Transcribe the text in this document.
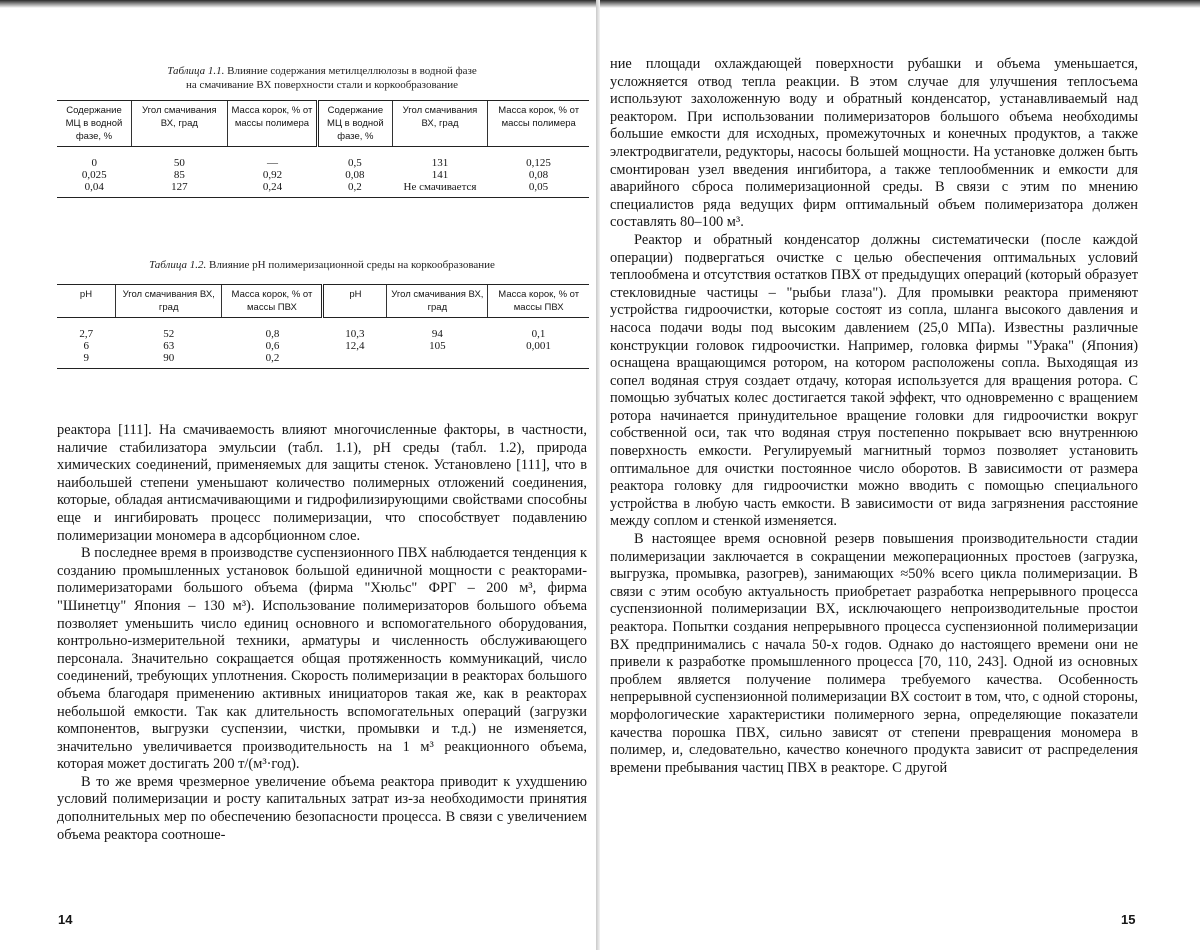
Таблица 1.1. Влияние содержания метилцеллюлозы в водной фазе
на смачивание ВХ поверхности стали и коркообразование
Содержание МЦ в водной фазе, %	Угол смачивания ВХ, град	Масса корок, % от массы полимера	Содержание МЦ в водной фазе, %	Угол смачивания ВХ, град	Масса корок, % от массы полимера
0	50	—	0,5	131	0,125
0,025	85	0,92	0,08	141	0,08
0,04	127	0,24	0,2	Не смачивается	0,05
Таблица 1.2. Влияние pH полимеризационной среды на коркообразование
pH	Угол смачивания ВХ, град	Масса корок, % от массы ПВХ	pH	Угол смачивания ВХ, град	Масса корок, % от массы ПВХ
2,7	52	0,8	10,3	94	0,1
6	63	0,6	12,4	105	0,001
9	90	0,2			

реактора [111]. На смачиваемость влияют многочисленные факторы, в частности, наличие стабилизатора эмульсии (табл. 1.1), pH среды (табл. 1.2), природа химических соединений, применяемых для защиты стенок. Установлено [111], что в наибольшей степени уменьшают количество полимерных отложений соединения, которые, обладая антисмачивающими и гидрофилизирующими свойствами способны еще и ингибировать процесс полимеризации, что способствует подавлению полимеризации мономера в адсорбционном слое.

В последнее время в производстве суспензионного ПВХ наблюдается тенденция к созданию промышленных установок большой единичной мощности с реакторами-полимеризаторами большого объема (фирма "Хюльс" ФРГ – 200 м³, фирма "Шинетцу" Япония – 130 м³). Использование полимеризаторов большого объема позволяет уменьшить число единиц основного и вспомогательного оборудования, контрольно-измерительной техники, арматуры и численность обслуживающего персонала. Значительно сокращается общая протяженность коммуникаций, число соединений, требующих уплотнения. Скорость полимеризации в реакторах большого объема благодаря применению активных инициаторов такая же, как в реакторах небольшой емкости. Так как длительность вспомогательных операций (загрузки компонентов, выгрузки суспензии, чистки, промывки и т.д.) не изменяется, значительно увеличивается производительность на 1 м³ реакционного объема, которая может достигать 200 т/(м³·год).

В то же время чрезмерное увеличение объема реактора приводит к ухудшению условий полимеризации и росту капитальных затрат из-за необходимости принятия дополнительных мер по обеспечению безопасности процесса. В связи с увеличением объема реактора соотноше-

14

ние площади охлаждающей поверхности рубашки и объема уменьшается, усложняется отвод тепла реакции. В этом случае для улучшения теплосъема используют захоложенную воду и обратный конденсатор, устанавливаемый над реактором. При использовании полимеризаторов большого объема необходимы большие емкости для исходных, промежуточных и конечных продуктов, а также электродвигатели, редукторы, насосы большей мощности. На установке должен быть смонтирован узел введения ингибитора, а также теплообменник и емкости для аварийного сброса полимеризационной среды. В связи с этим по мнению специалистов ряда ведущих фирм оптимальный объем полимеризатора должен составлять 80–100 м³.

Реактор и обратный конденсатор должны систематически (после каждой операции) подвергаться очистке с целью обеспечения оптимальных условий теплообмена и отсутствия остатков ПВХ от предыдущих операций (который образует стекловидные частицы – "рыбьи глаза"). Для промывки реактора применяют устройства гидроочистки, которые состоят из сопла, шланга высокого давления и насоса подачи воды под высоким давлением (25,0 МПа). Известны различные конструкции головок гидроочистки. Например, головка фирмы "Урака" (Япония) оснащена вращающимся ротором, на котором расположены сопла. Выходящая из сопел водяная струя создает отдачу, которая используется для вращения ротора. С помощью зубчатых колес достигается такой эффект, что одновременно с вращением ротора начинается принудительное вращение головки для гидроочистки вокруг собственной оси, так что водяная струя постепенно покрывает всю внутреннюю поверхность емкости. Регулируемый магнитный тормоз позволяет установить оптимальное для очистки постоянное число оборотов. В зависимости от размера реактора головку для гидроочистки можно вводить с помощью специального устройства в любую часть емкости. В зависимости от вида загрязнения расстояние между соплом и стенкой изменяется.

В настоящее время основной резерв повышения производительности стадии полимеризации заключается в сокращении межоперационных простоев (загрузка, выгрузка, промывка, разогрев), занимающих ≈50% всего цикла полимеризации. В связи с этим особую актуальность приобретает разработка непрерывного процесса суспензионной полимеризации ВХ, исключающего непроизводительные простои реактора. Попытки создания непрерывного процесса суспензионной полимеризации ВХ предпринимались с начала 50-х годов. Однако до настоящего времени они не привели к разработке промышленного процесса [70, 110, 243]. Одной из основных проблем является получение полимера требуемого качества. Особенность непрерывной суспензионной полимеризации ВХ состоит в том, что, с одной стороны, морфологические характеристики полимерного зерна, определяющие показатели качества порошка ПВХ, сильно зависят от степени превращения мономера в полимер, и, следовательно, качество конечного продукта зависит от распределения времени пребывания частиц ПВХ в реакторе. С другой

15
